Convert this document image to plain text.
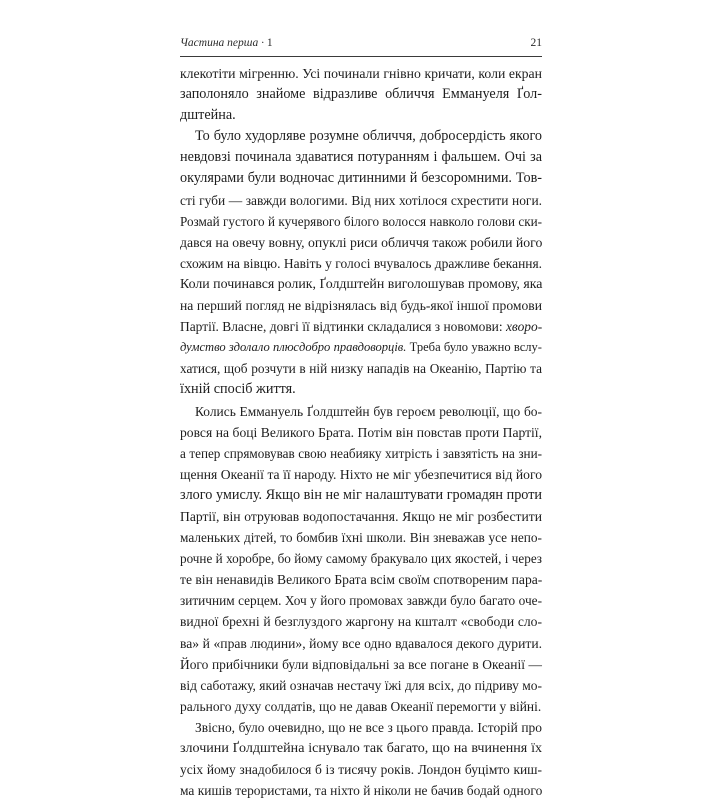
Частина перша · 1	21
клекотіти мігренню. Усі починали гнівно кричати, коли екран
заполоняло знайоме відразливе обличчя Еммануеля Ґол-
дштейна.
То було худорляве розумне обличчя, добросердість якого
невдовзі починала здаватися потуранням і фальшем. Очі за
окулярами були водночас дитинними й безсоромними. Тов-
сті губи — завжди вологими. Від них хотілося схрестити ноги.
Розмай густого й кучерявого білого волосся навколо голови ски-
дався на овечу вовну, опуклі риси обличчя також робили його
схожим на вівцю. Навіть у голосі вчувалось дражливе бекання.
Коли починався ролик, Ґолдштейн виголошував промову, яка
на перший погляд не відрізнялась від будь-якої іншої промови
Партії. Власне, довгі її відтинки складалися з новомови: хворо-
думство здолало плюсдобро правдоворців. Треба було уважно вслу-
хатися, щоб розчути в ній низку нападів на Океанію, Партію та
їхній спосіб життя.
Колись Еммануель Ґолдштейн був героєм революції, що бо-
ровся на боці Великого Брата. Потім він повстав проти Партії,
а тепер спрямовував свою неабияку хитрість і завзятість на зни-
щення Океанії та її народу. Ніхто не міг убезпечитися від його
злого умислу. Якщо він не міг налаштувати громадян проти
Партії, він отруював водопостачання. Якщо не міг розбестити
маленьких дітей, то бомбив їхні школи. Він зневажав усе непо-
рочне й хоробре, бо йому самому бракувало цих якостей, і через
те він ненавидів Великого Брата всім своїм спотвореним пара-
зитичним серцем. Хоч у його промовах завжди було багато оче-
видної брехні й безглуздого жаргону на кшталт «свободи сло-
ва» й «прав людини», йому все одно вдавалося декого дурити.
Його прибічники були відповідальні за все погане в Океанії —
від саботажу, який означав нестачу їжі для всіх, до підриву мо-
рального духу солдатів, що не давав Океанії перемогти у війні.
Звісно, було очевидно, що не все з цього правда. Історій про
злочини Ґолдштейна існувало так багато, що на вчинення їх
усіх йому знадобилося б із тисячу років. Лондон буцімто киш-
ма кишів терористами, та ніхто й ніколи не бачив бодай одного
